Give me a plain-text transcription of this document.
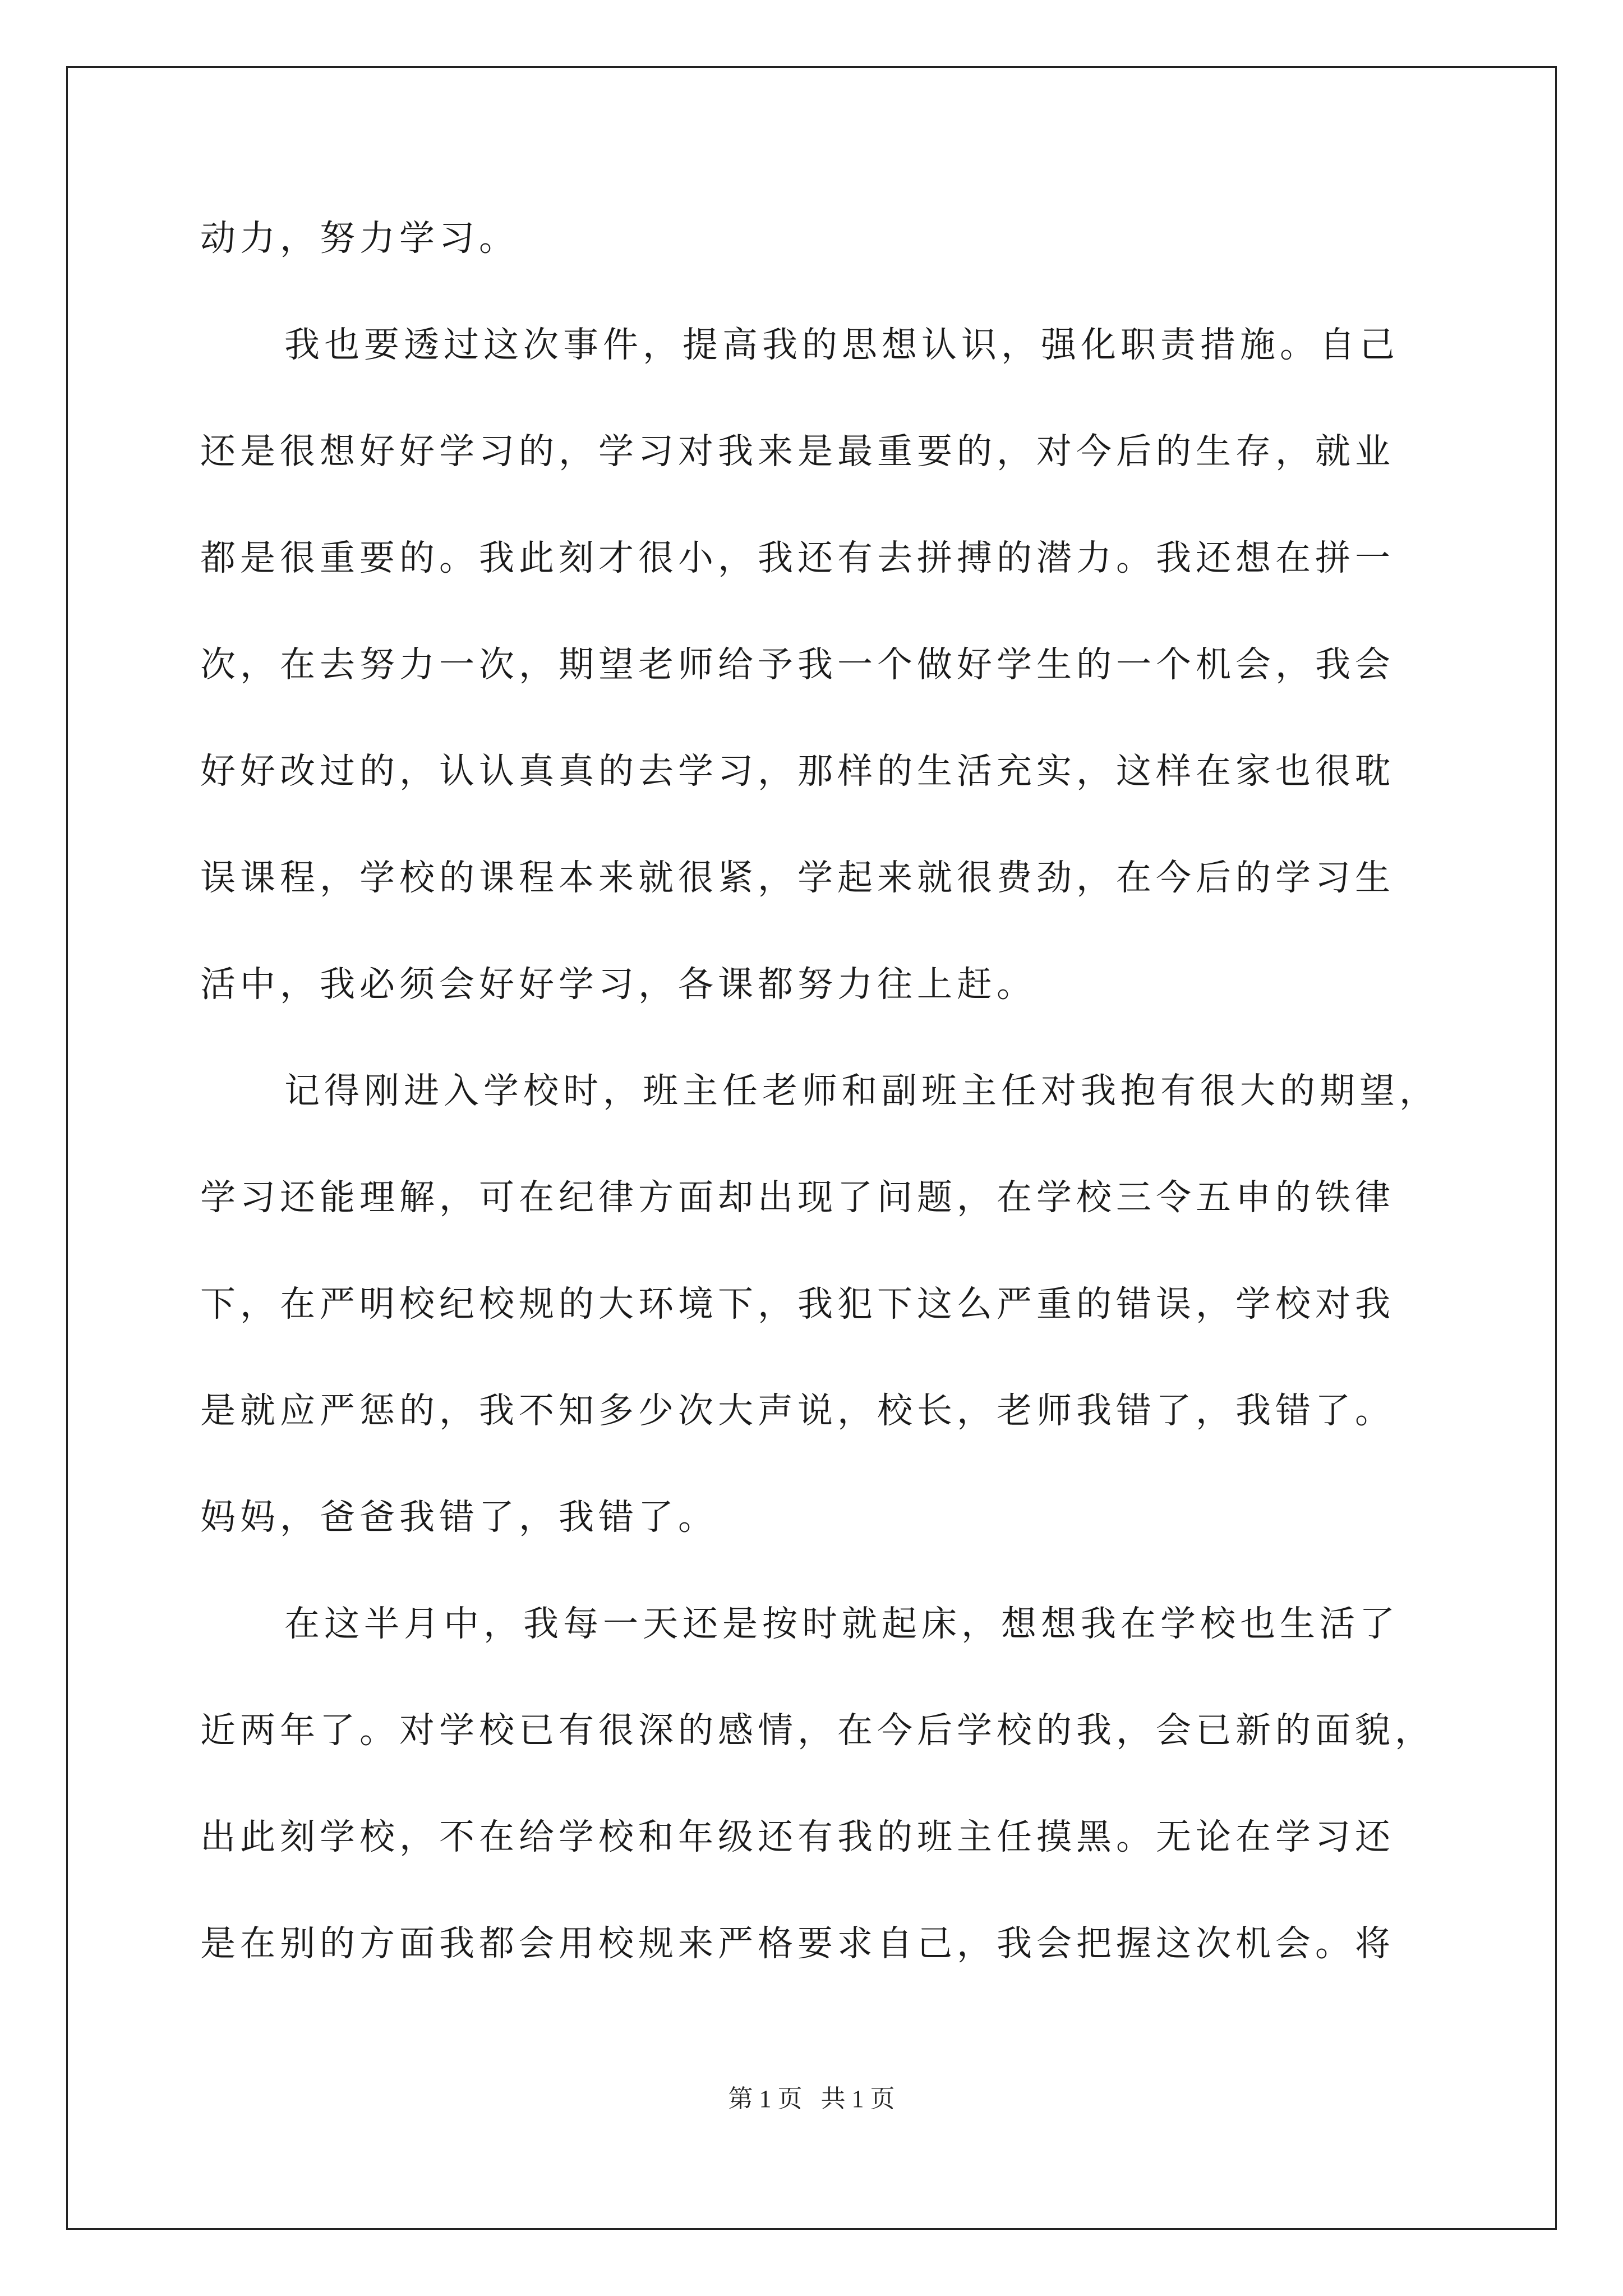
动力，努力学习。
我也要透过这次事件，提高我的思想认识，强化职责措施。自己
还是很想好好学习的，学习对我来是最重要的，对今后的生存，就业
都是很重要的。我此刻才很小，我还有去拼搏的潜力。我还想在拼一
次，在去努力一次，期望老师给予我一个做好学生的一个机会，我会
好好改过的，认认真真的去学习，那样的生活充实，这样在家也很耽
误课程，学校的课程本来就很紧，学起来就很费劲，在今后的学习生
活中，我必须会好好学习，各课都努力往上赶。
记得刚进入学校时，班主任老师和副班主任对我抱有很大的期望，
学习还能理解，可在纪律方面却出现了问题，在学校三令五申的铁律
下，在严明校纪校规的大环境下，我犯下这么严重的错误，学校对我
是就应严惩的，我不知多少次大声说，校长，老师我错了，我错了。
妈妈，爸爸我错了，我错了。
在这半月中，我每一天还是按时就起床，想想我在学校也生活了
近两年了。对学校已有很深的感情，在今后学校的我，会已新的面貌，
出此刻学校，不在给学校和年级还有我的班主任摸黑。无论在学习还
是在别的方面我都会用校规来严格要求自己，我会把握这次机会。将
第 1 页   共 1 页
